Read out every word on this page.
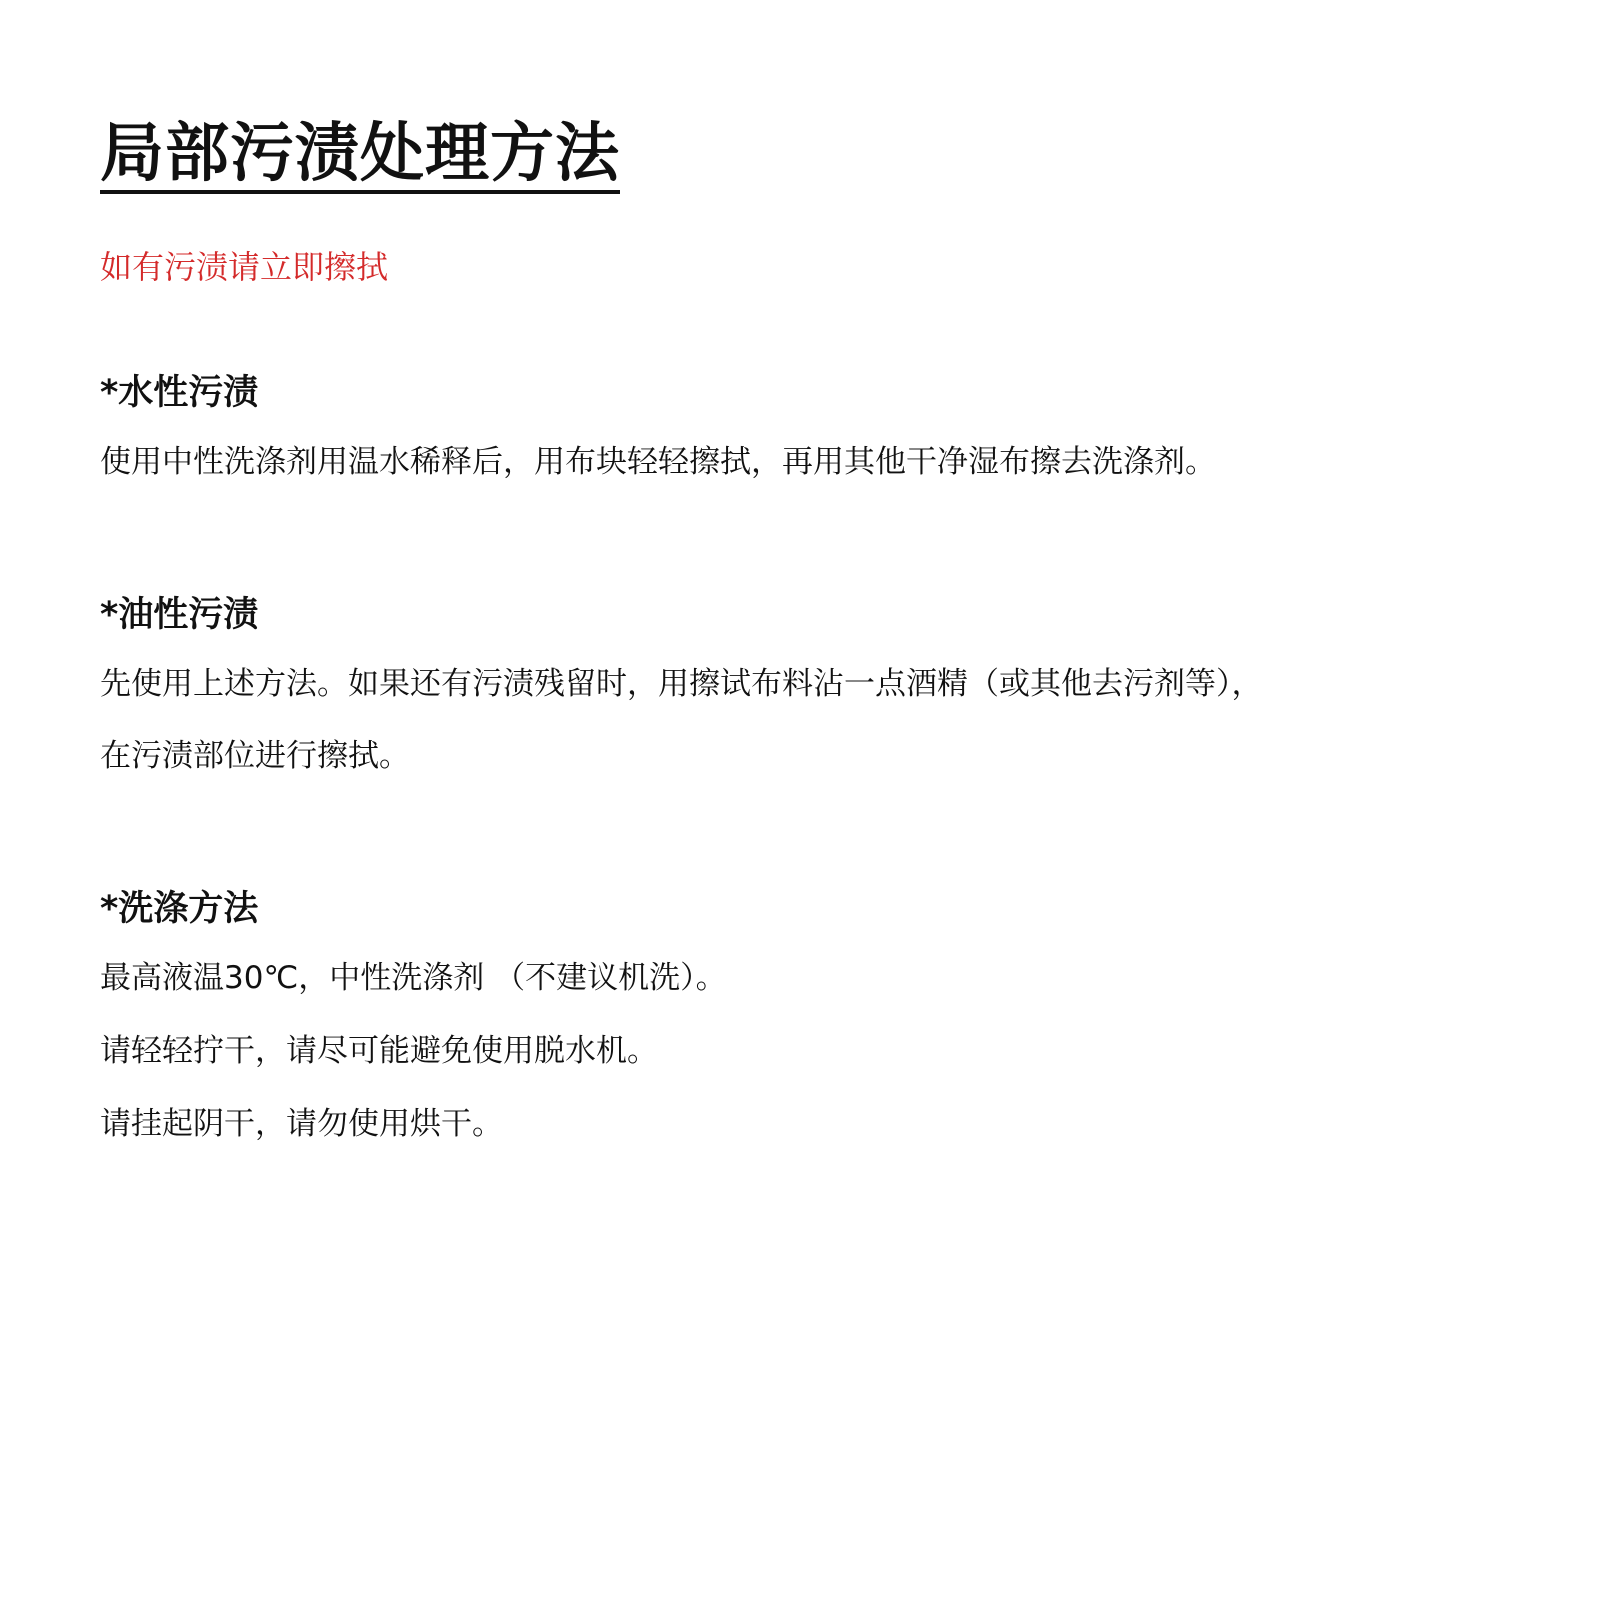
局部污渍处理方法
如有污渍请立即擦拭
*水性污渍
使用中性洗涤剂用温水稀释后，用布块轻轻擦拭，再用其他干净湿布擦去洗涤剂。
*油性污渍
先使用上述方法。如果还有污渍残留时，用擦试布料沾一点酒精（或其他去污剂等），
在污渍部位进行擦拭。
*洗涤方法
最高液温30℃，中性洗涤剂 （不建议机洗）。
请轻轻拧干，请尽可能避免使用脱水机。
请挂起阴干，请勿使用烘干。
